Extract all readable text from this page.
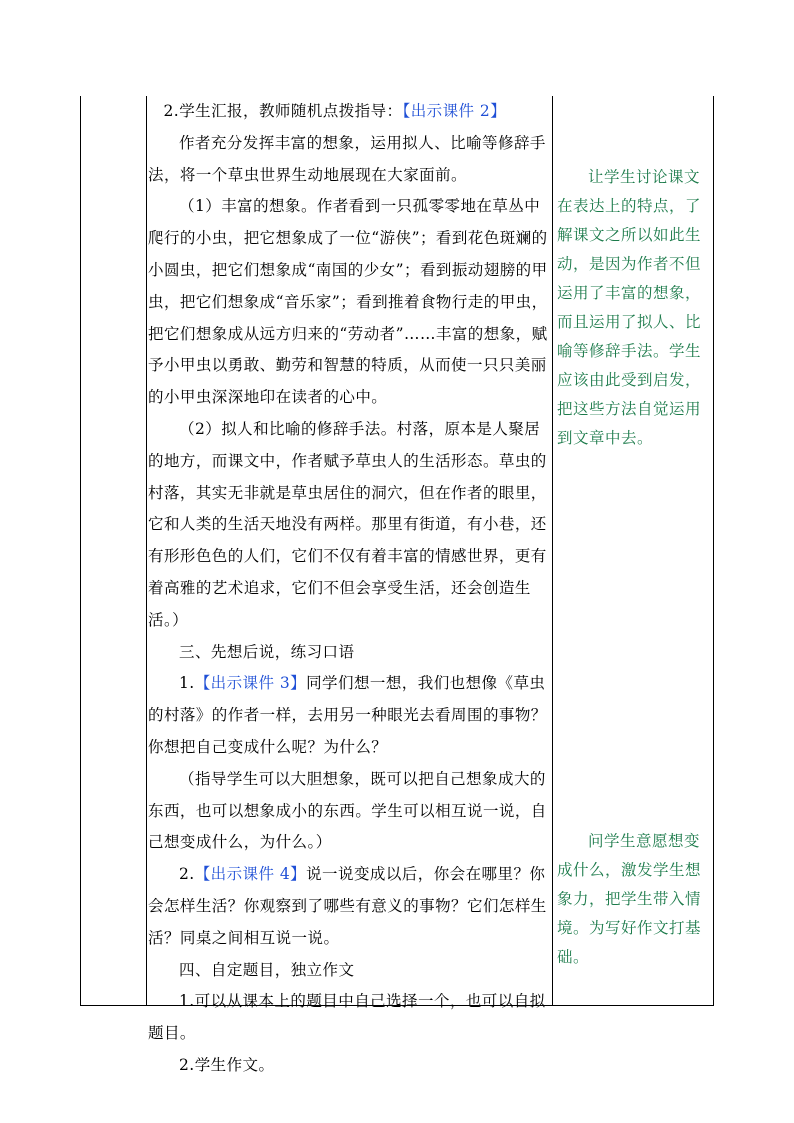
2.学生汇报，教师随机点拨指导：【出示课件 2】

作者充分发挥丰富的想象，运用拟人、比喻等修辞手法，将一个草虫世界生动地展现在大家面前。

（1）丰富的想象。作者看到一只孤零零地在草丛中爬行的小虫，把它想象成了一位“游侠”；看到花色斑斓的小圆虫，把它们想象成“南国的少女”；看到振动翅膀的甲虫，把它们想象成“音乐家”；看到推着食物行走的甲虫，把它们想象成从远方归来的“劳动者”……丰富的想象，赋予小甲虫以勇敢、勤劳和智慧的特质，从而使一只只美丽的小甲虫深深地印在读者的心中。

（2）拟人和比喻的修辞手法。村落，原本是人聚居的地方，而课文中，作者赋予草虫人的生活形态。草虫的村落，其实无非就是草虫居住的洞穴，但在作者的眼里，它和人类的生活天地没有两样。那里有街道，有小巷，还有形形色色的人们，它们不仅有着丰富的情感世界，更有着高雅的艺术追求，它们不但会享受生活，还会创造生活。）

三、先想后说，练习口语

1.【出示课件 3】同学们想一想，我们也想像《草虫的村落》的作者一样，去用另一种眼光去看周围的事物？你想把自己变成什么呢？为什么？

（指导学生可以大胆想象，既可以把自己想象成大的东西，也可以想象成小的东西。学生可以相互说一说，自己想变成什么，为什么。）

2.【出示课件 4】说一说变成以后，你会在哪里？你会怎样生活？你观察到了哪些有意义的事物？它们怎样生活？同桌之间相互说一说。

四、自定题目，独立作文

1.可以从课本上的题目中自己选择一个，也可以自拟题目。

2.学生作文。

让学生讨论课文在表达上的特点，了解课文之所以如此生动，是因为作者不但运用了丰富的想象，而且运用了拟人、比喻等修辞手法。学生应该由此受到启发，把这些方法自觉运用到文章中去。

问学生意愿想变成什么，激发学生想象力，把学生带入情境。为写好作文打基础。
